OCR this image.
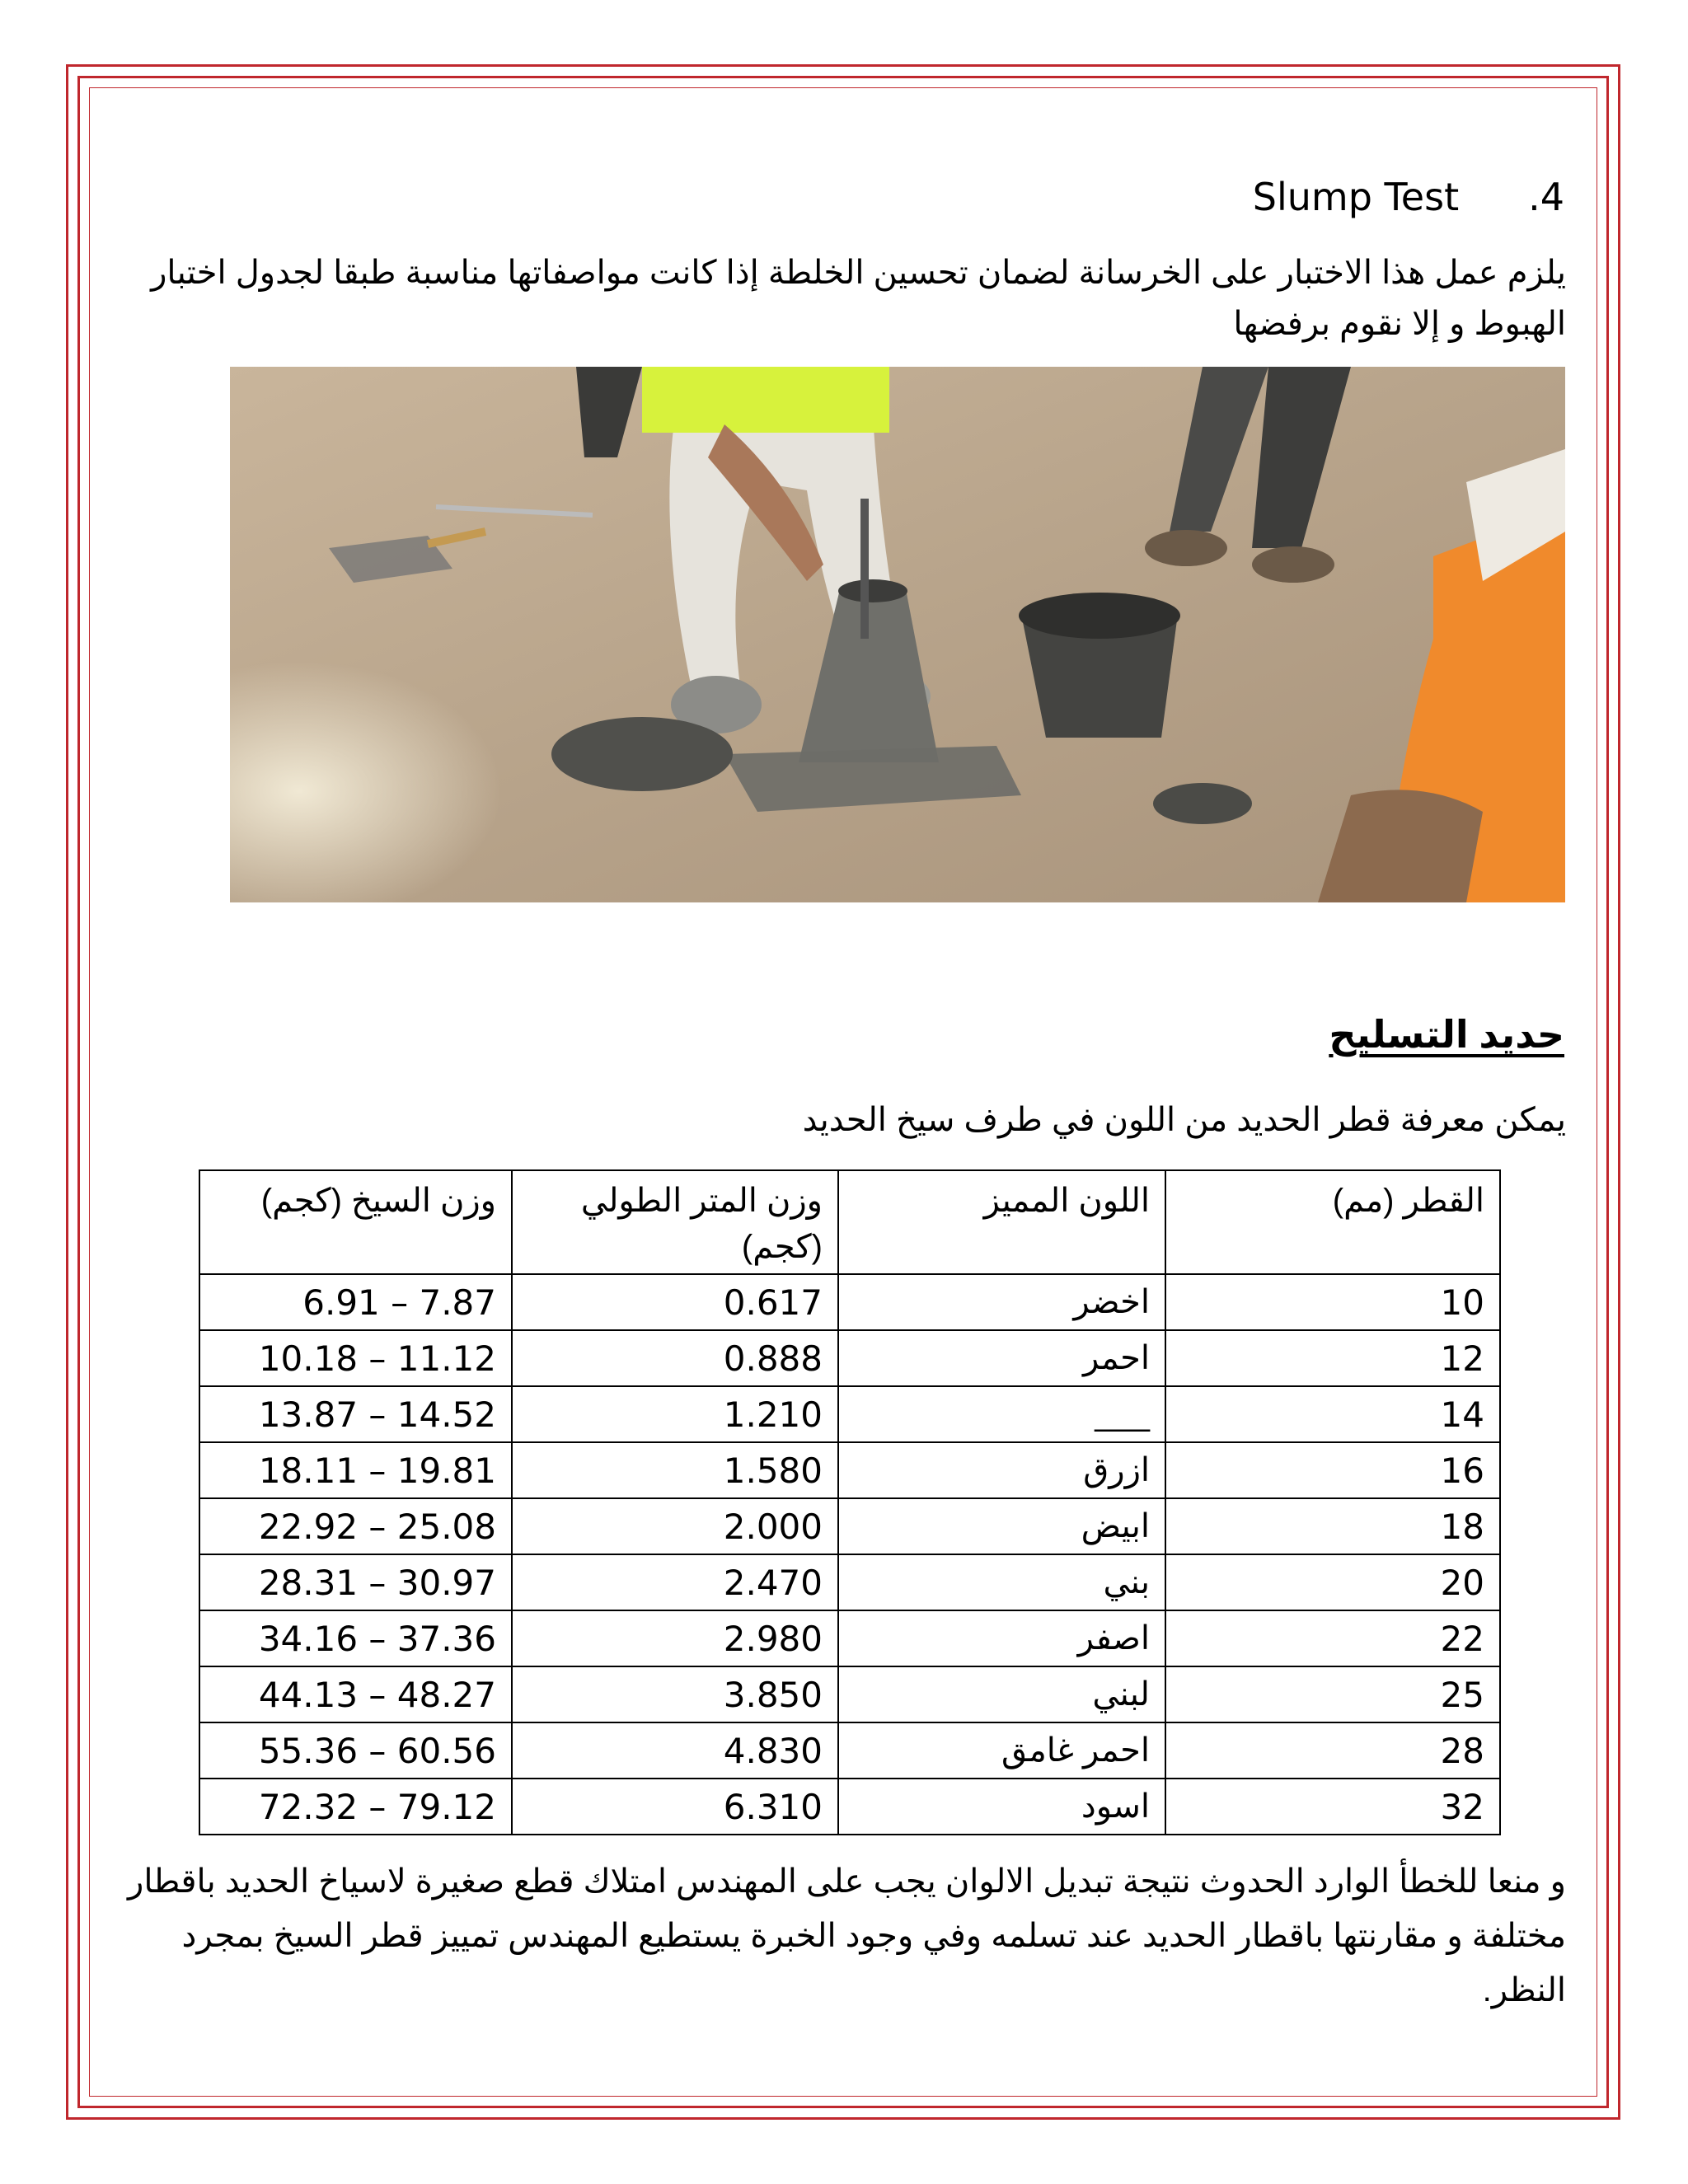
Slump Test .4
يلزم عمل هذا الاختبار على الخرسانة لضمان تحسين الخلطة إذا كانت مواصفاتها مناسبة طبقا لجدول اختبار الهبوط و إلا نقوم برفضها
حديد التسليح
يمكن معرفة قطر الحديد من اللون في طرف سيخ الحديد
وزن السيخ (كجم)	وزن المتر الطولي (كجم)	اللون المميز	القطر (مم)
6.91 – 7.87	0.617	اخضر	10
10.18 – 11.12	0.888	احمر	12
13.87 – 14.52	1.210	___	14
18.11 – 19.81	1.580	ازرق	16
22.92 – 25.08	2.000	ابيض	18
28.31 – 30.97	2.470	بني	20
34.16 – 37.36	2.980	اصفر	22
44.13 – 48.27	3.850	لبني	25
55.36 – 60.56	4.830	احمر غامق	28
72.32 – 79.12	6.310	اسود	32
و منعا للخطأ الوارد الحدوث نتيجة تبديل الالوان يجب على المهندس امتلاك قطع صغيرة لاسياخ الحديد باقطار مختلفة و مقارنتها باقطار الحديد عند تسلمه وفي وجود الخبرة يستطيع المهندس تمييز قطر السيخ بمجرد النظر.
